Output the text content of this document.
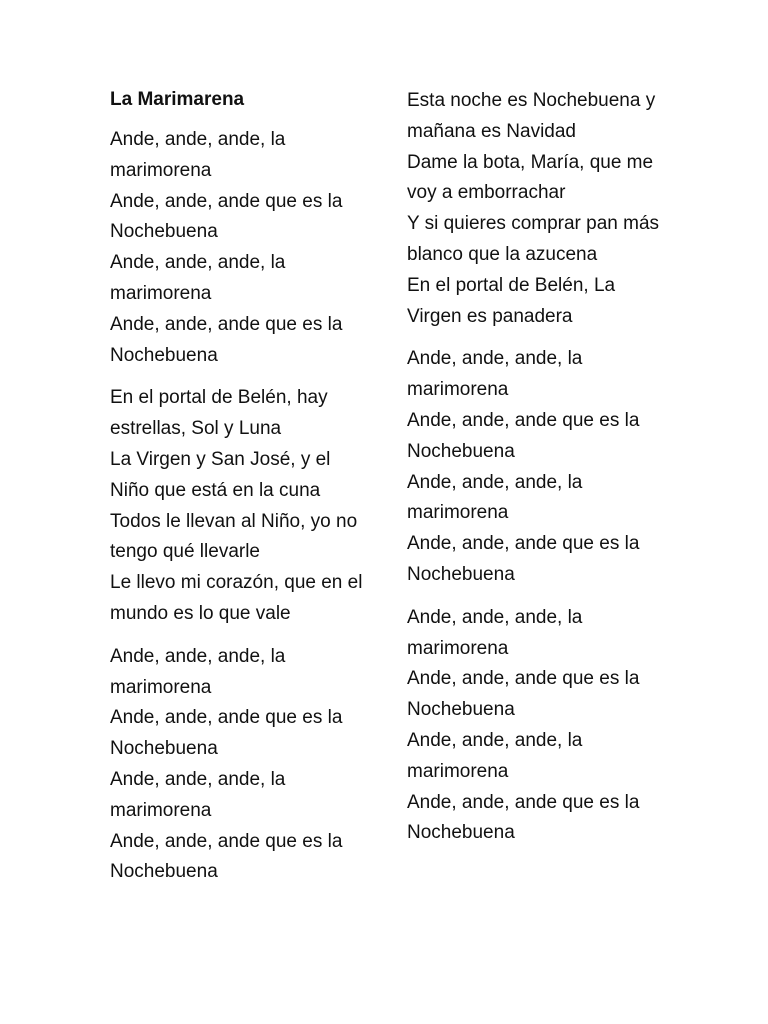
La Marimarena
Ande, ande, ande, la marimorena
Ande, ande, ande que es la Nochebuena
Ande, ande, ande, la marimorena
Ande, ande, ande que es la Nochebuena
En el portal de Belén, hay estrellas, Sol y Luna
La Virgen y San José, y el Niño que está en la cuna
Todos le llevan al Niño, yo no tengo qué llevarle
Le llevo mi corazón, que en el mundo es lo que vale
Ande, ande, ande, la marimorena
Ande, ande, ande que es la Nochebuena
Ande, ande, ande, la marimorena
Ande, ande, ande que es la Nochebuena
Esta noche es Nochebuena y mañana es Navidad
Dame la bota, María, que me voy a emborrachar
Y si quieres comprar pan más blanco que la azucena
En el portal de Belén, La Virgen es panadera
Ande, ande, ande, la marimorena
Ande, ande, ande que es la Nochebuena
Ande, ande, ande, la marimorena
Ande, ande, ande que es la Nochebuena
Ande, ande, ande, la marimorena
Ande, ande, ande que es la Nochebuena
Ande, ande, ande, la marimorena
Ande, ande, ande que es la Nochebuena
